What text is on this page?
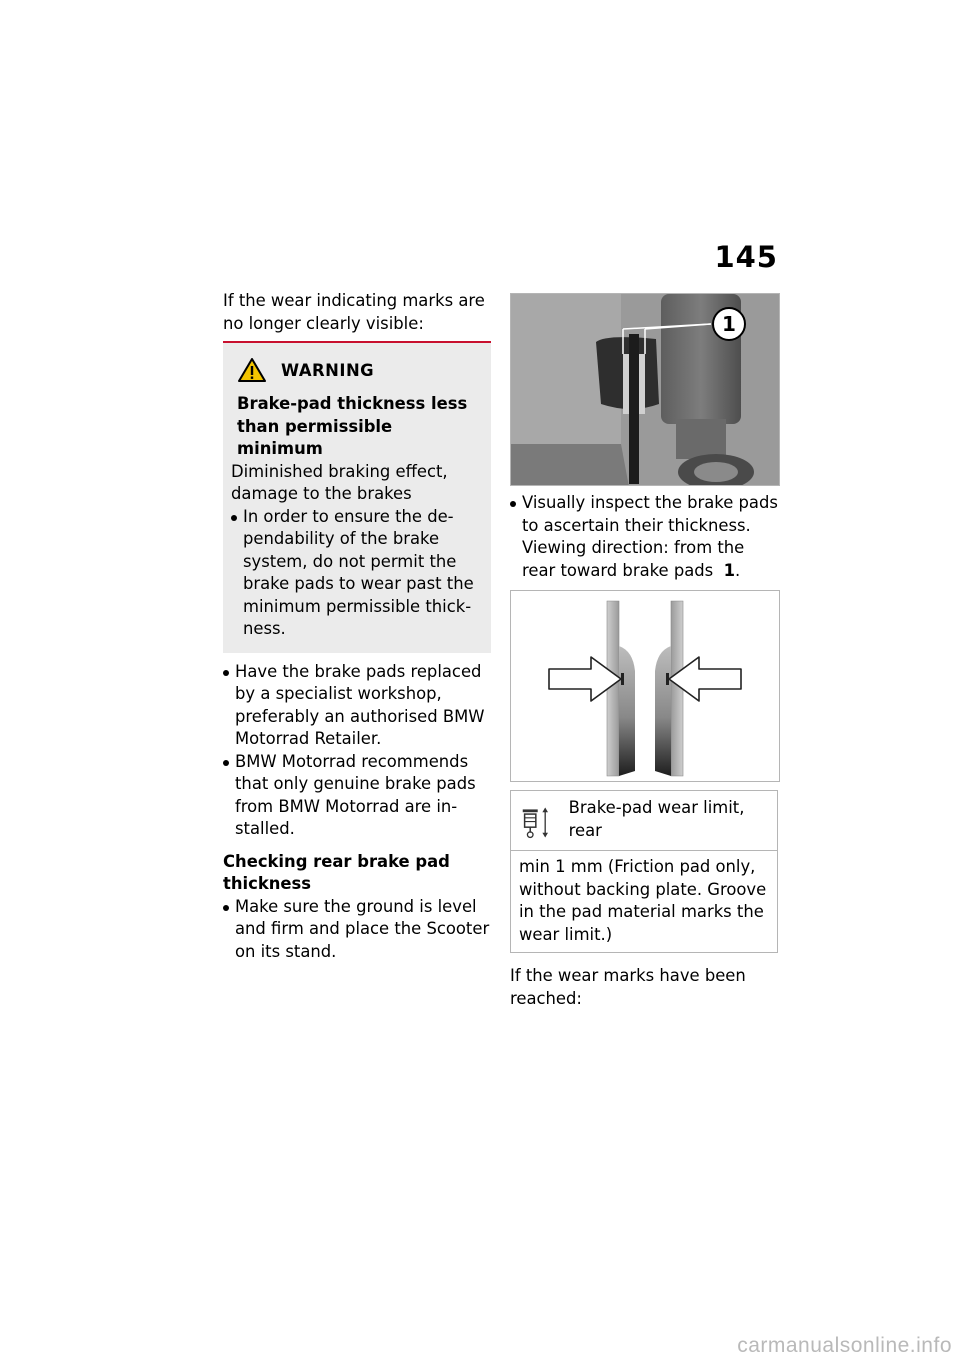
145
If the wear indicating marks are no longer clearly visible:
WARNING
Brake-pad thickness less than permissible minimum
Diminished braking effect, damage to the brakes
In order to ensure the de-pendability of the brake system, do not permit the brake pads to wear past the minimum permissible thick-ness.
Have the brake pads replaced by a specialist workshop, preferably an authorised BMW Motorrad Retailer.
BMW Motorrad recommends that only genuine brake pads from BMW Motorrad are in-stalled.
Checking rear brake pad thickness
Make sure the ground is level and firm and place the Scooter on its stand.
1
Visually inspect the brake pads to ascertain their thickness. Viewing direction: from the rear toward brake pads 1.
Brake-pad wear limit, rear
min 1 mm (Friction pad only, without backing plate. Groove in the pad material marks the wear limit.)
If the wear marks have been reached:
carmanualsonline.info
